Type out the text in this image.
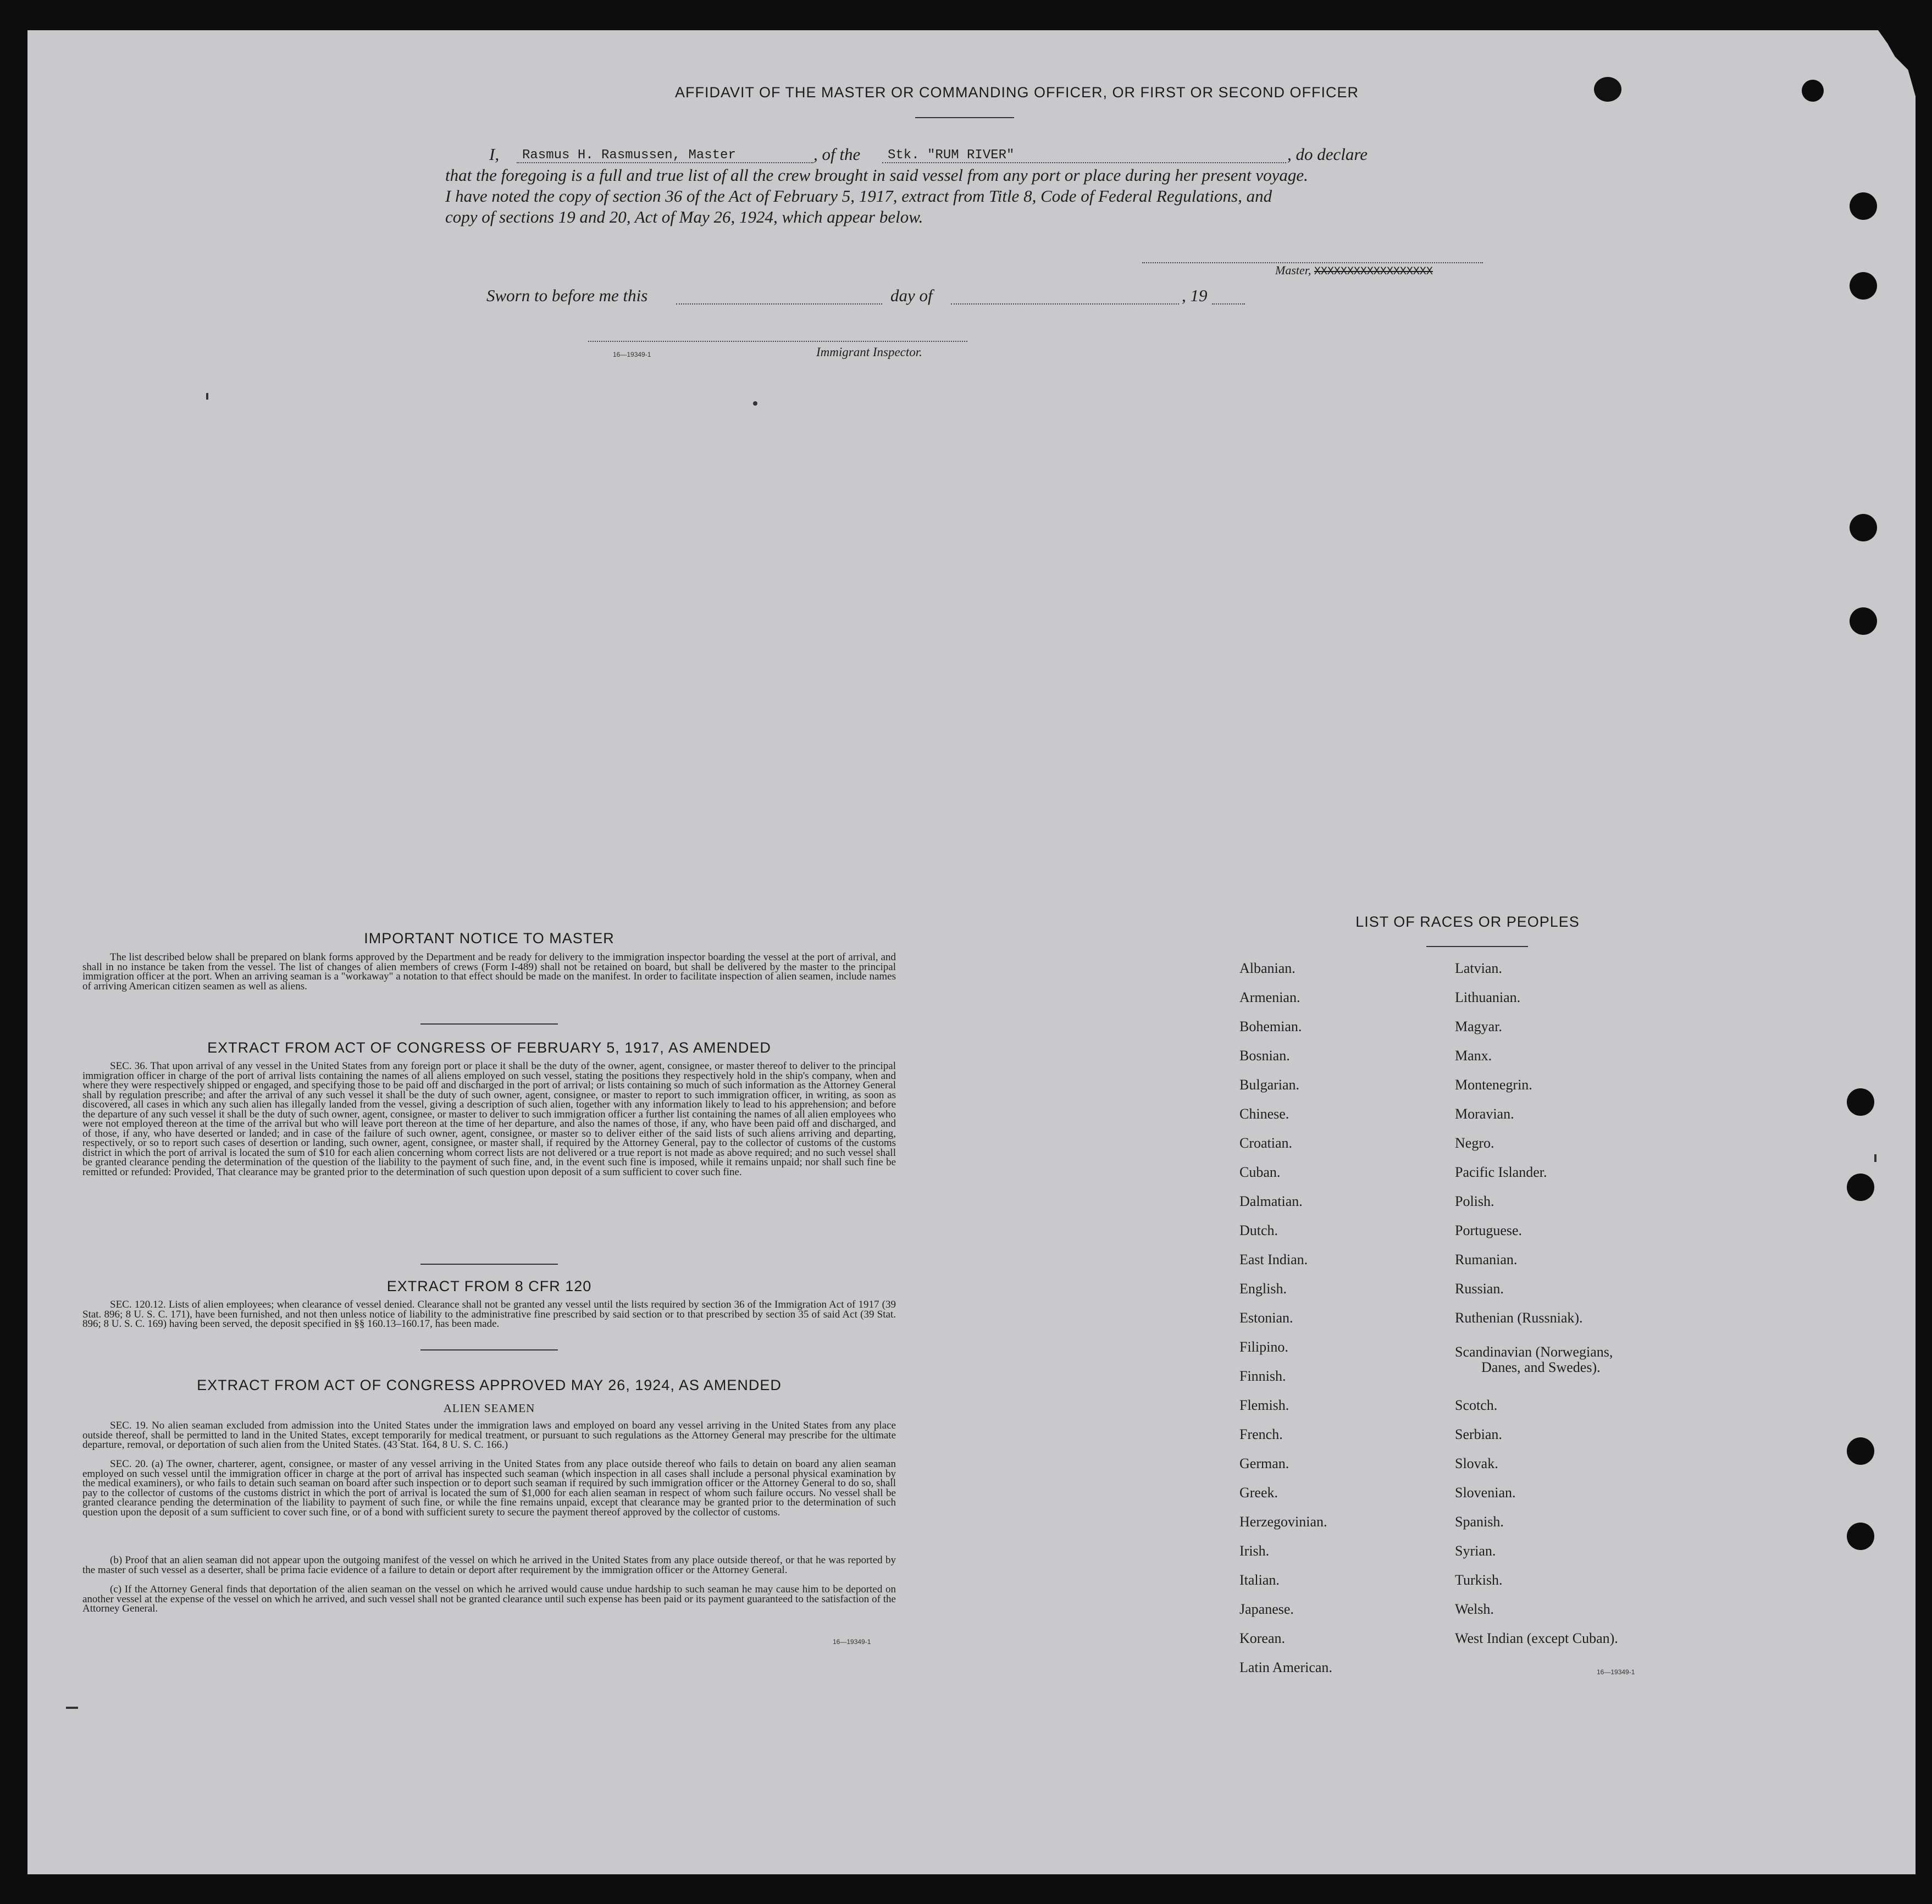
AFFIDAVIT OF THE MASTER OR COMMANDING OFFICER, OR FIRST OR SECOND OFFICER
I, Rasmus H. Rasmussen, Master	, of the Stk. "RUM RIVER"	, do declare
that the foregoing is a full and true list of all the crew brought in said vessel from any port or place during her present voyage.
I have noted the copy of section 36 of the Act of February 5, 1917, extract from Title 8, Code of Federal Regulations, and
copy of sections 19 and 20, Act of May 26, 1924, which appear below.
Master, XXXXXXXXXXXXXXXXXX
Sworn to before me this	day of	, 19
16—19349-1	Immigrant Inspector.
IMPORTANT NOTICE TO MASTER
The list described below shall be prepared on blank forms approved by the Department and be ready for delivery to the immigration inspector boarding the vessel at the port of arrival, and shall in no instance be taken from the vessel. The list of changes of alien members of crews (Form I-489) shall not be retained on board, but shall be delivered by the master to the principal immigration officer at the port. When an arriving seaman is a "workaway" a notation to that effect should be made on the manifest. In order to facilitate inspection of alien seamen, include names of arriving American citizen seamen as well as aliens.
EXTRACT FROM ACT OF CONGRESS OF FEBRUARY 5, 1917, AS AMENDED
SEC. 36. That upon arrival of any vessel in the United States from any foreign port or place it shall be the duty of the owner, agent, consignee, or master thereof to deliver to the principal immigration officer in charge of the port of arrival lists containing the names of all aliens employed on such vessel, stating the positions they respectively hold in the ship's company, when and where they were respectively shipped or engaged, and specifying those to be paid off and discharged in the port of arrival; or lists containing so much of such information as the Attorney General shall by regulation prescribe; and after the arrival of any such vessel it shall be the duty of such owner, agent, consignee, or master to report to such immigration officer, in writing, as soon as discovered, all cases in which any such alien has illegally landed from the vessel, giving a description of such alien, together with any information likely to lead to his apprehension; and before the departure of any such vessel it shall be the duty of such owner, agent, consignee, or master to deliver to such immigration officer a further list containing the names of all alien employees who were not employed thereon at the time of the arrival but who will leave port thereon at the time of her departure, and also the names of those, if any, who have been paid off and discharged, and of those, if any, who have deserted or landed; and in case of the failure of such owner, agent, consignee, or master so to deliver either of the said lists of such aliens arriving and departing, respectively, or so to report such cases of desertion or landing, such owner, agent, consignee, or master shall, if required by the Attorney General, pay to the collector of customs of the customs district in which the port of arrival is located the sum of $10 for each alien concerning whom correct lists are not delivered or a true report is not made as above required; and no such vessel shall be granted clearance pending the determination of the question of the liability to the payment of such fine, and, in the event such fine is imposed, while it remains unpaid; nor shall such fine be remitted or refunded: Provided, That clearance may be granted prior to the determination of such question upon deposit of a sum sufficient to cover such fine.
EXTRACT FROM 8 CFR 120
SEC. 120.12. Lists of alien employees; when clearance of vessel denied. Clearance shall not be granted any vessel until the lists required by section 36 of the Immigration Act of 1917 (39 Stat. 896; 8 U. S. C. 171), have been furnished, and not then unless notice of liability to the administrative fine prescribed by said section or to that prescribed by section 35 of said Act (39 Stat. 896; 8 U. S. C. 169) having been served, the deposit specified in §§ 160.13–160.17, has been made.
EXTRACT FROM ACT OF CONGRESS APPROVED MAY 26, 1924, AS AMENDED
ALIEN SEAMEN
SEC. 19. No alien seaman excluded from admission into the United States under the immigration laws and employed on board any vessel arriving in the United States from any place outside thereof, shall be permitted to land in the United States, except temporarily for medical treatment, or pursuant to such regulations as the Attorney General may prescribe for the ultimate departure, removal, or deportation of such alien from the United States. (43 Stat. 164, 8 U. S. C. 166.)
SEC. 20. (a) The owner, charterer, agent, consignee, or master of any vessel arriving in the United States from any place outside thereof who fails to detain on board any alien seaman employed on such vessel until the immigration officer in charge at the port of arrival has inspected such seaman (which inspection in all cases shall include a personal physical examination by the medical examiners), or who fails to detain such seaman on board after such inspection or to deport such seaman if required by such immigration officer or the Attorney General to do so, shall pay to the collector of customs of the customs district in which the port of arrival is located the sum of $1,000 for each alien seaman in respect of whom such failure occurs. No vessel shall be granted clearance pending the determination of the liability to payment of such fine, or while the fine remains unpaid, except that clearance may be granted prior to the determination of such question upon the deposit of a sum sufficient to cover such fine, or of a bond with sufficient surety to secure the payment thereof approved by the collector of customs.
(b) Proof that an alien seaman did not appear upon the outgoing manifest of the vessel on which he arrived in the United States from any place outside thereof, or that he was reported by the master of such vessel as a deserter, shall be prima facie evidence of a failure to detain or deport after requirement by the immigration officer or the Attorney General.
(c) If the Attorney General finds that deportation of the alien seaman on the vessel on which he arrived would cause undue hardship to such seaman he may cause him to be deported on another vessel at the expense of the vessel on which he arrived, and such vessel shall not be granted clearance until such expense has been paid or its payment guaranteed to the satisfaction of the Attorney General.
16—19349-1
LIST OF RACES OR PEOPLES
Albanian.
Armenian.
Bohemian.
Bosnian.
Bulgarian.
Chinese.
Croatian.
Cuban.
Dalmatian.
Dutch.
East Indian.
English.
Estonian.
Filipino.
Finnish.
Flemish.
French.
German.
Greek.
Herzegovinian.
Irish.
Italian.
Japanese.
Korean.
Latin American.
Latvian.
Lithuanian.
Magyar.
Manx.
Montenegrin.
Moravian.
Negro.
Pacific Islander.
Polish.
Portuguese.
Rumanian.
Russian.
Ruthenian (Russniak).
Scandinavian (Norwegians,
Danes, and Swedes).
Scotch.
Serbian.
Slovak.
Slovenian.
Spanish.
Syrian.
Turkish.
Welsh.
West Indian (except Cuban).
16—19349-1
